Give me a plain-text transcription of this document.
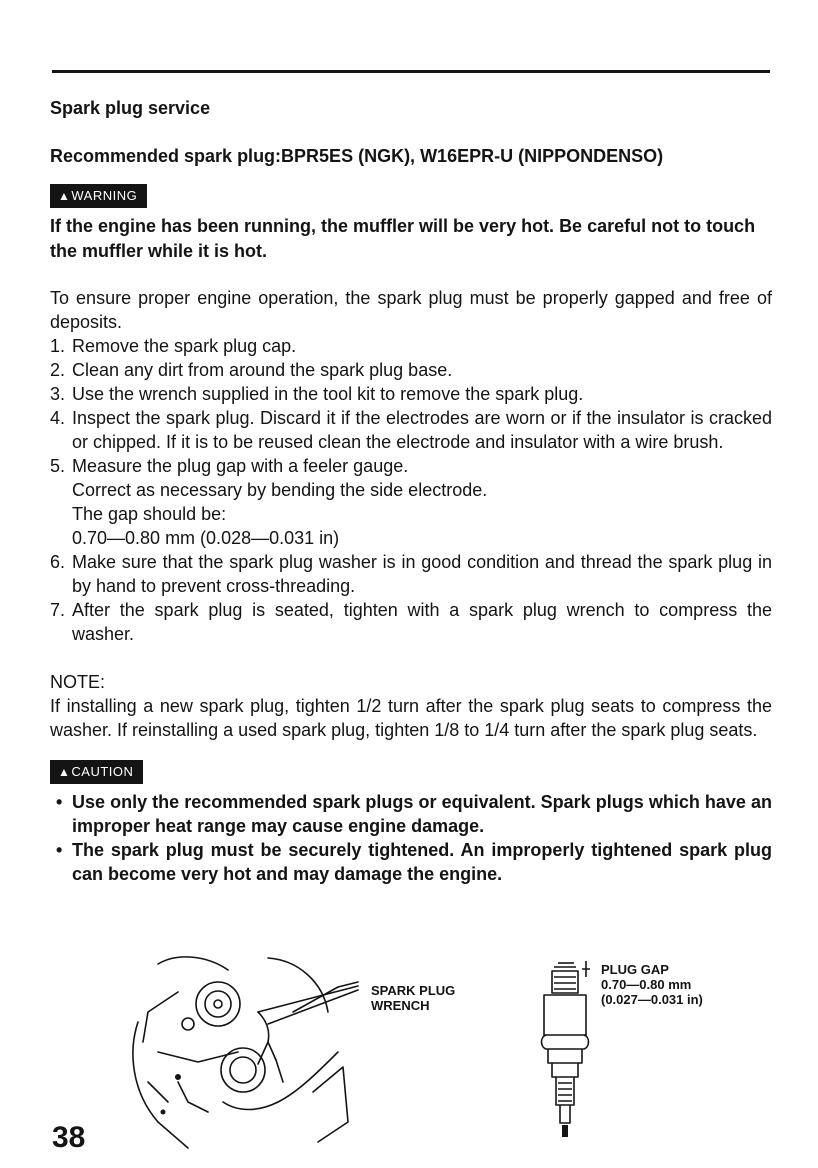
Spark plug service

Recommended spark plug:BPR5ES (NGK), W16EPR-U (NIPPONDENSO)

▲WARNING

If the engine has been running, the muffler will be very hot. Be careful not to touch the muffler while it is hot.

To ensure proper engine operation, the spark plug must be properly gapped and free of deposits.

1. Remove the spark plug cap.
2. Clean any dirt from around the spark plug base.
3. Use the wrench supplied in the tool kit to remove the spark plug.
4. Inspect the spark plug. Discard it if the electrodes are worn or if the insulator is cracked or chipped. If it is to be reused clean the electrode and insulator with a wire brush.
5. Measure the plug gap with a feeler gauge.
Correct as necessary by bending the side electrode.
The gap should be:
0.70—0.80 mm (0.028—0.031 in)
6. Make sure that the spark plug washer is in good condition and thread the spark plug in by hand to prevent cross-threading.
7. After the spark plug is seated, tighten with a spark plug wrench to compress the washer.

NOTE:

If installing a new spark plug, tighten 1/2 turn after the spark plug seats to compress the washer. If reinstalling a used spark plug, tighten 1/8 to 1/4 turn after the spark plug seats.

▲CAUTION
• Use only the recommended spark plugs or equivalent. Spark plugs which have an improper heat range may cause engine damage.
• The spark plug must be securely tightened. An improperly tightened spark plug can become very hot and may damage the engine.
SPARK PLUG
WRENCH
PLUG GAP
0.70—0.80 mm
(0.027—0.031 in)
38
